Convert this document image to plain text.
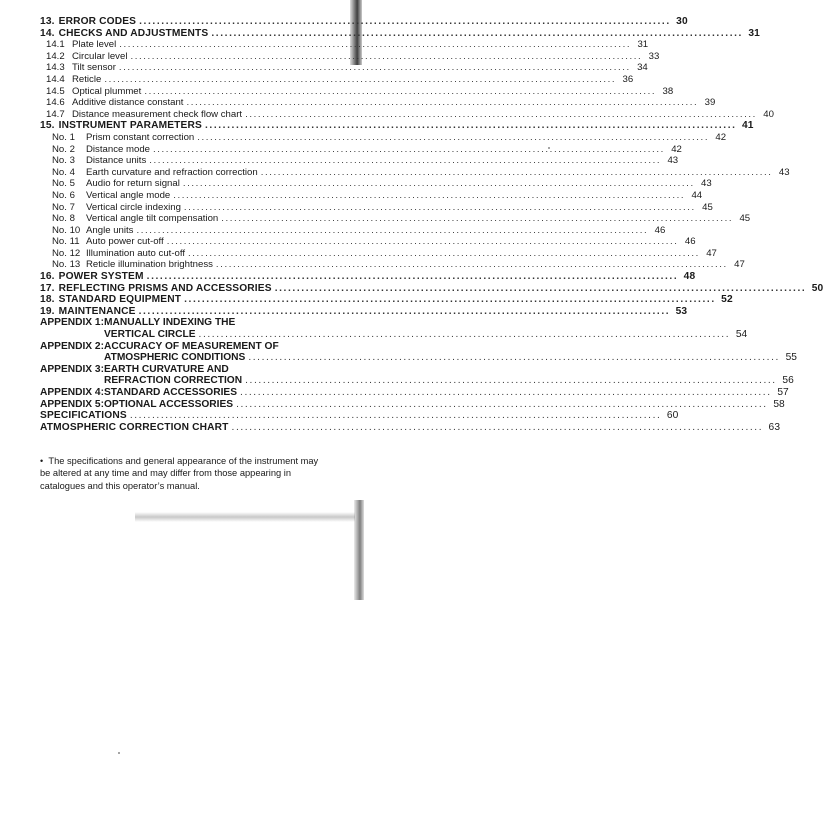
13. ERROR CODES .....	30
14. CHECKS AND ADJUSTMENTS .....	31
14.1 Plate level .....	31
14.2 Circular level .....	33
14.3 Tilt sensor .....	34
14.4 Reticle .....	36
14.5 Optical plummet .....	38
14.6 Additive distance constant .....	39
14.7 Distance measurement check flow chart .....	40
15. INSTRUMENT PARAMETERS .....	41
No. 1	Prism constant correction .....	42
No. 2	Distance mode .....	42
No. 3	Distance units .....	43
No. 4	Earth curvature and refraction correction .....	43
No. 5	Audio for return signal .....	43
No. 6	Vertical angle mode .....	44
No. 7	Vertical circle indexing .....	45
No. 8	Vertical angle tilt compensation .....	45
No. 10 Angle units .....	46
No. 11 Auto power cut-off .....	46
No. 12 Illumination auto cut-off .....	47
No. 13 Reticle illumination brightness .....	47
16. POWER SYSTEM .....	48
17. REFLECTING PRISMS AND ACCESSORIES .....	50
18. STANDARD EQUIPMENT .....	52
19. MAINTENANCE .....	53
APPENDIX 1: MANUALLY INDEXING THE
VERTICAL CIRCLE .....	54
APPENDIX 2: ACCURACY OF MEASUREMENT OF
ATMOSPHERIC CONDITIONS .....	55
APPENDIX 3: EARTH CURVATURE AND
REFRACTION CORRECTION .....	56
APPENDIX 4: STANDARD ACCESSORIES .....	57
APPENDIX 5: OPTIONAL ACCESSORIES .....	58
SPECIFICATIONS .....	60
ATMOSPHERIC CORRECTION CHART .....	63
• The specifications and general appearance of the instrument may be altered at any time and may differ from those appearing in catalogues and this operator’s manual.
